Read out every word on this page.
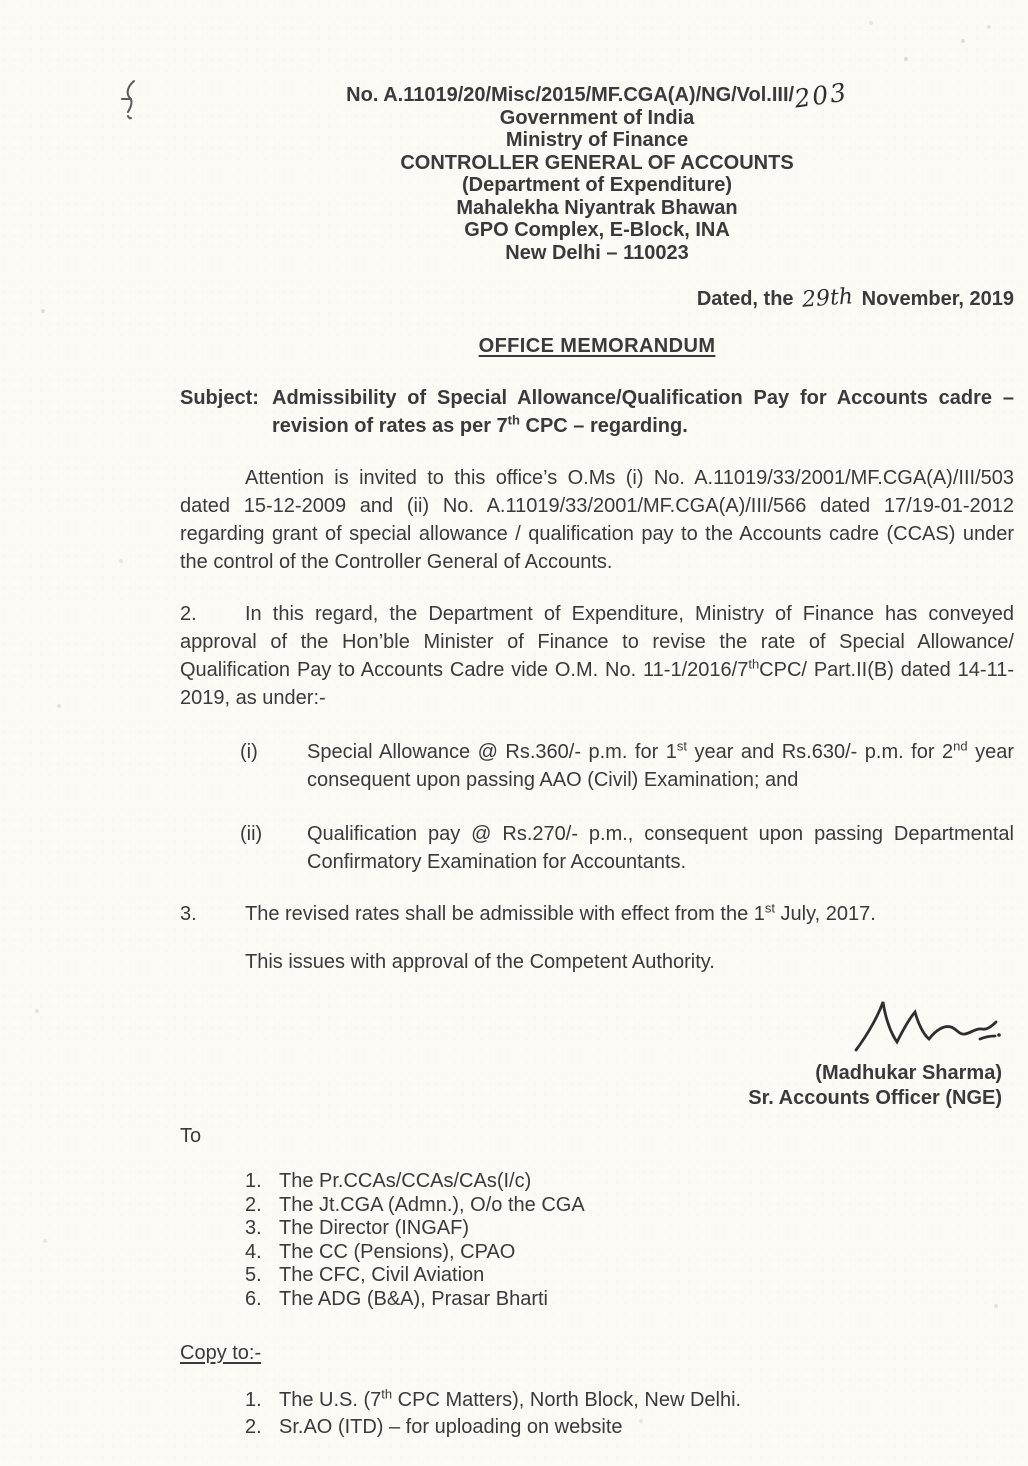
No. A.11019/20/Misc/2015/MF.CGA(A)/NG/Vol.III/203
Government of India
Ministry of Finance
CONTROLLER GENERAL OF ACCOUNTS
(Department of Expenditure)
Mahalekha Niyantrak Bhawan
GPO Complex, E-Block, INA
New Delhi – 110023
Dated, the 29th November, 2019
OFFICE MEMORANDUM
Subject: Admissibility of Special Allowance/Qualification Pay for Accounts cadre – revision of rates as per 7th CPC – regarding.

Attention is invited to this office’s O.Ms (i) No. A.11019/33/2001/MF.CGA(A)/III/503 dated 15-12-2009 and (ii) No. A.11019/33/2001/MF.CGA(A)/III/566 dated 17/19-01-2012 regarding grant of special allowance / qualification pay to the Accounts cadre (CCAS) under the control of the Controller General of Accounts.

2. In this regard, the Department of Expenditure, Ministry of Finance has conveyed approval of the Hon’ble Minister of Finance to revise the rate of Special Allowance/ Qualification Pay to Accounts Cadre vide O.M. No. 11-1/2016/7thCPC/ Part.II(B) dated 14-11-2019, as under:-

(i) Special Allowance @ Rs.360/- p.m. for 1st year and Rs.630/- p.m. for 2nd year consequent upon passing AAO (Civil) Examination; and
(ii) Qualification pay @ Rs.270/- p.m., consequent upon passing Departmental Confirmatory Examination for Accountants.

3. The revised rates shall be admissible with effect from the 1st July, 2017.

This issues with approval of the Competent Authority.

(Madhukar Sharma)
Sr. Accounts Officer (NGE)
To
1. The Pr.CCAs/CCAs/CAs(I/c)
2. The Jt.CGA (Admn.), O/o the CGA
3. The Director (INGAF)
4. The CC (Pensions), CPAO
5. The CFC, Civil Aviation
6. The ADG (B&A), Prasar Bharti
Copy to:-
1. The U.S. (7th CPC Matters), North Block, New Delhi.
2. Sr.AO (ITD) – for uploading on website
